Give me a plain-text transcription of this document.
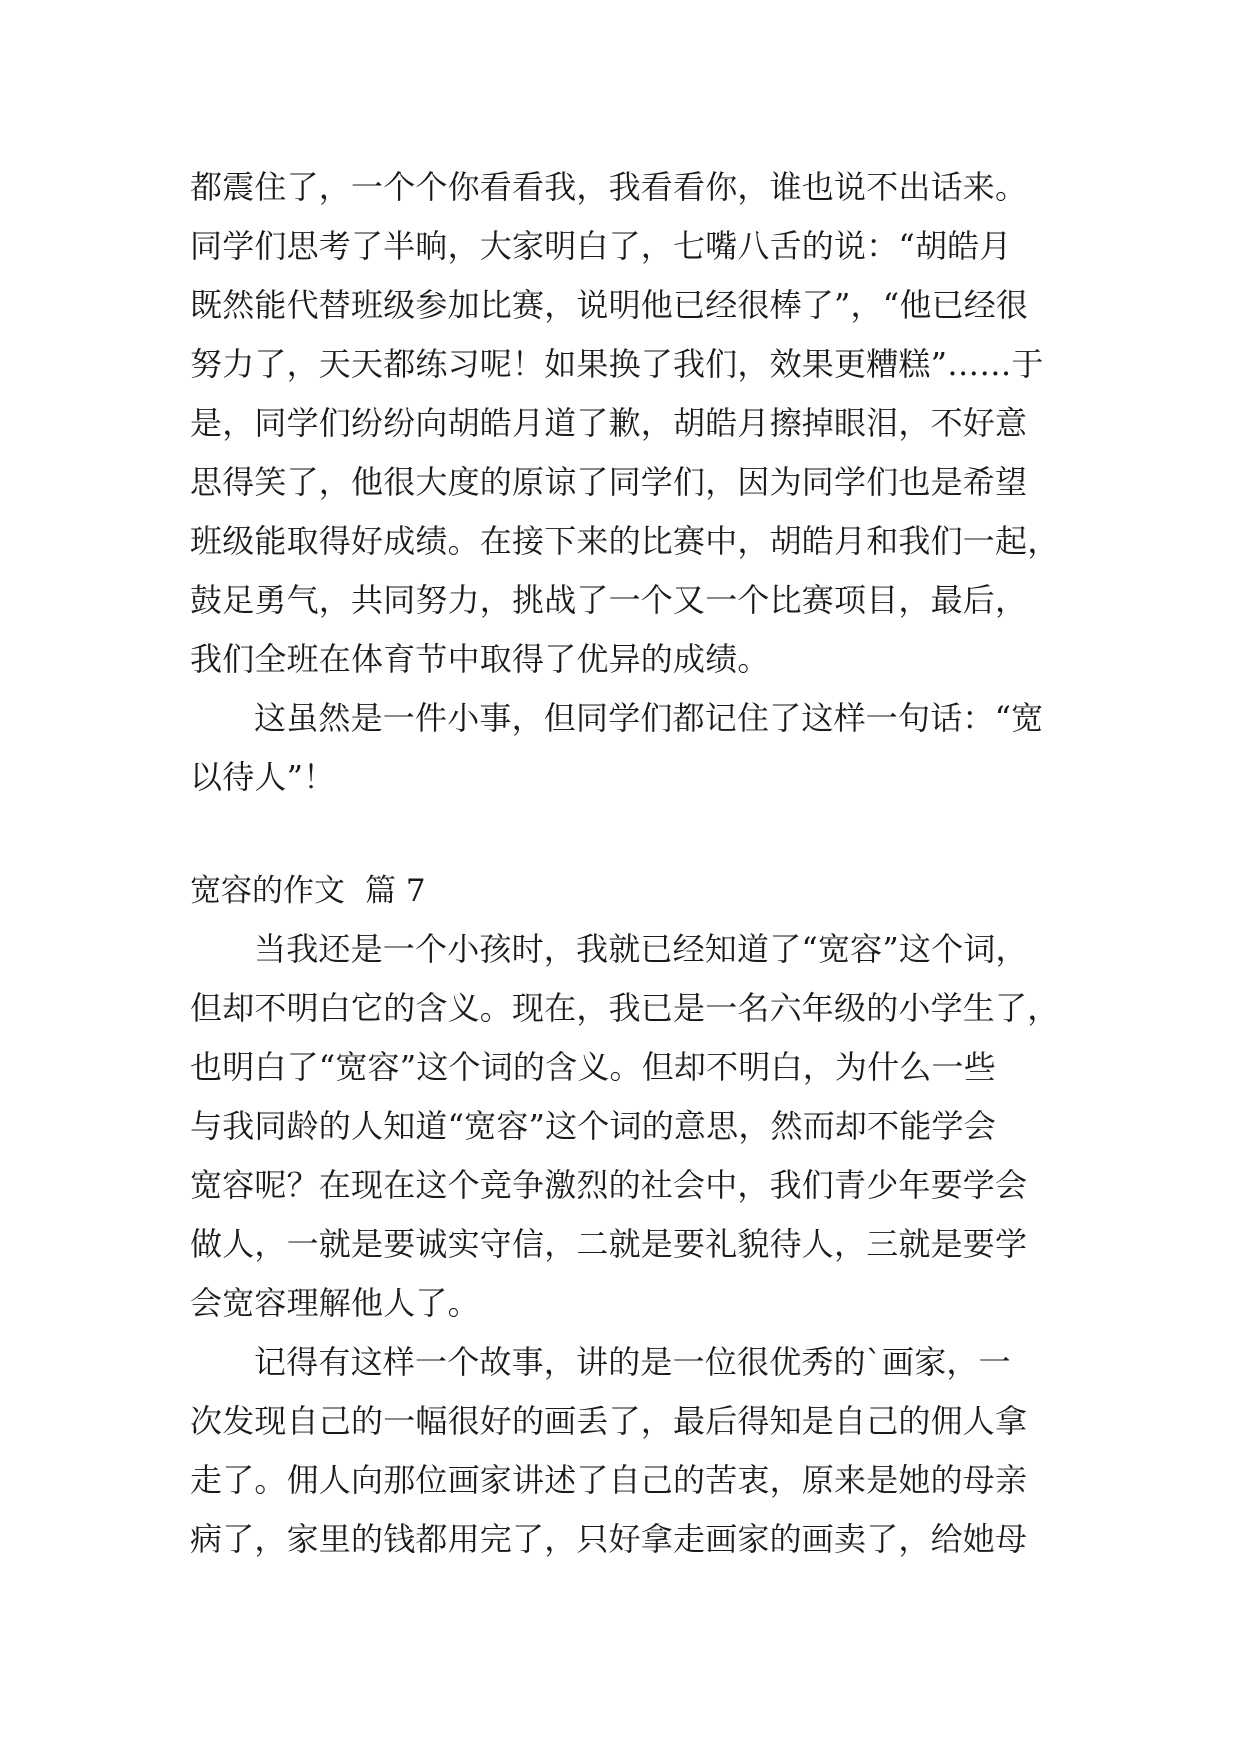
都震住了，一个个你看看我，我看看你，谁也说不出话来。
同学们思考了半晌，大家明白了，七嘴八舌的说：“胡皓月
既然能代替班级参加比赛，说明他已经很棒了”，“他已经很
努力了，天天都练习呢！如果换了我们，效果更糟糕”……于
是，同学们纷纷向胡皓月道了歉，胡皓月擦掉眼泪，不好意
思得笑了，他很大度的原谅了同学们，因为同学们也是希望
班级能取得好成绩。在接下来的比赛中，胡皓月和我们一起，
鼓足勇气，共同努力，挑战了一个又一个比赛项目，最后，
我们全班在体育节中取得了优异的成绩。
这虽然是一件小事，但同学们都记住了这样一句话：“宽
以待人”！
宽容的作文 篇 7
当我还是一个小孩时，我就已经知道了“宽容”这个词，
但却不明白它的含义。现在，我已是一名六年级的小学生了，
也明白了“宽容”这个词的含义。但却不明白，为什么一些
与我同龄的人知道“宽容”这个词的意思，然而却不能学会
宽容呢？在现在这个竞争激烈的社会中，我们青少年要学会
做人，一就是要诚实守信，二就是要礼貌待人，三就是要学
会宽容理解他人了。
记得有这样一个故事，讲的是一位很优秀的`画家，一
次发现自己的一幅很好的画丢了，最后得知是自己的佣人拿
走了。佣人向那位画家讲述了自己的苦衷，原来是她的母亲
病了，家里的钱都用完了，只好拿走画家的画卖了，给她母
